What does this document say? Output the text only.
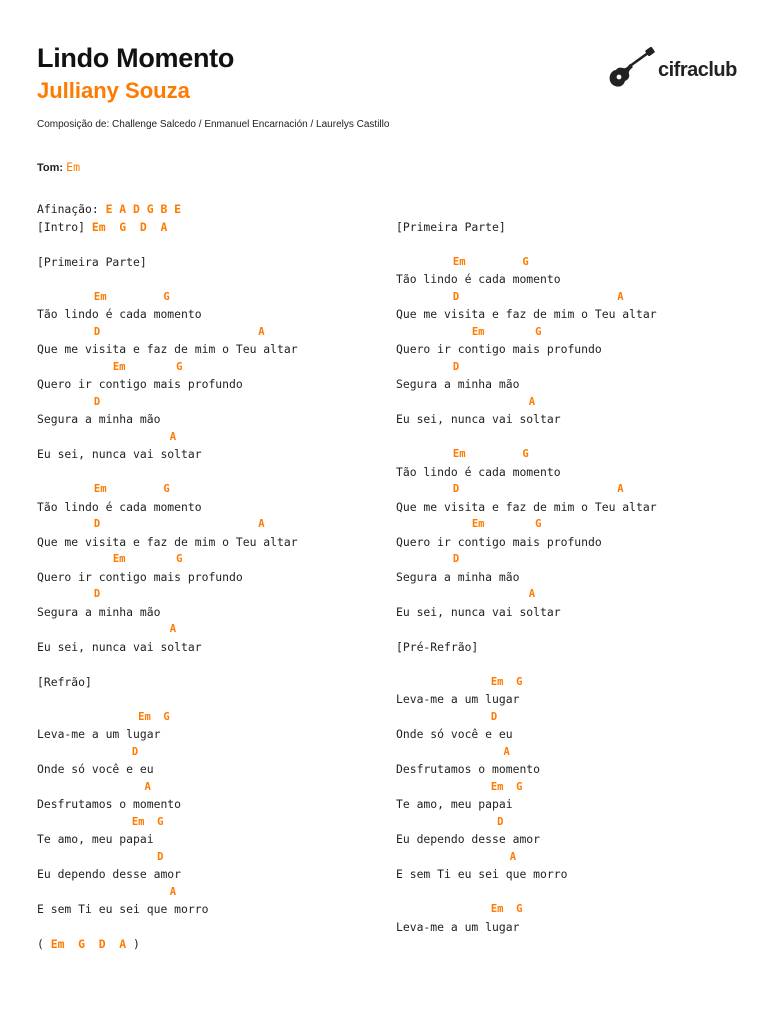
Lindo Momento
Julliany Souza
Composição de: Challenge Salcedo / Enmanuel Encarnación / Laurelys Castillo
cifraclub
Tom: Em
Afinação: E A D G B E
[Intro] Em  G  D  A
[Primeira Parte]
Em         G
Tão lindo é cada momento
D                         A
Que me visita e faz de mim o Teu altar
Em        G
Quero ir contigo mais profundo
D
Segura a minha mão
A
Eu sei, nunca vai soltar
Em         G
Tão lindo é cada momento
D                         A
Que me visita e faz de mim o Teu altar
Em        G
Quero ir contigo mais profundo
D
Segura a minha mão
A
Eu sei, nunca vai soltar
[Refrão]
Em  G
Leva-me a um lugar
D
Onde só você e eu
A
Desfrutamos o momento
Em  G
Te amo, meu papai
D
Eu dependo desse amor
A
E sem Ti eu sei que morro
( Em  G  D  A )
[Primeira Parte]
Em         G
Tão lindo é cada momento
D                         A
Que me visita e faz de mim o Teu altar
Em        G
Quero ir contigo mais profundo
D
Segura a minha mão
A
Eu sei, nunca vai soltar
Em         G
Tão lindo é cada momento
D                         A
Que me visita e faz de mim o Teu altar
Em        G
Quero ir contigo mais profundo
D
Segura a minha mão
A
Eu sei, nunca vai soltar
[Pré-Refrão]
Em  G
Leva-me a um lugar
D
Onde só você e eu
A
Desfrutamos o momento
Em  G
Te amo, meu papai
D
Eu dependo desse amor
A
E sem Ti eu sei que morro
Em  G
Leva-me a um lugar
